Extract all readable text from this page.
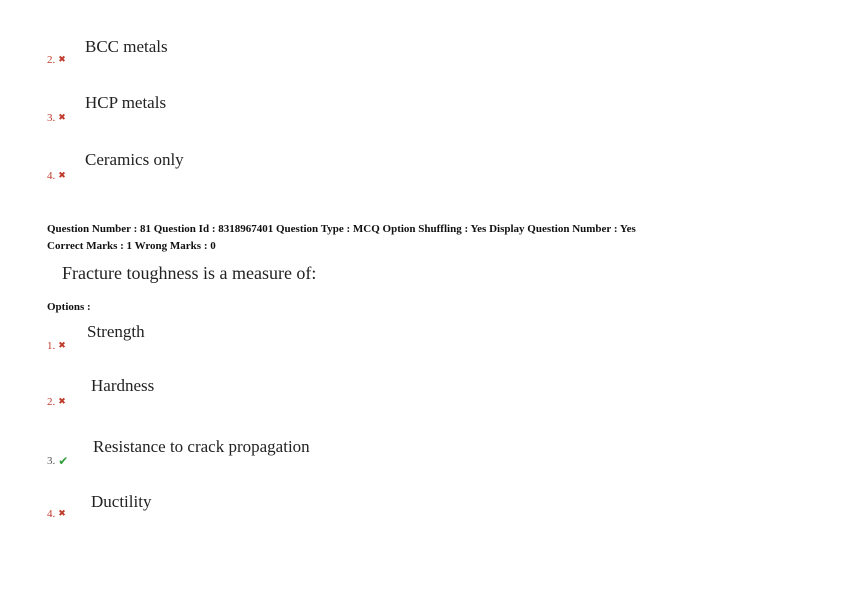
BCC metals
2. ✖
HCP metals
3. ✖
Ceramics only
4. ✖
Question Number : 81 Question Id : 8318967401 Question Type : MCQ Option Shuffling : Yes Display Question Number : Yes
Correct Marks : 1 Wrong Marks : 0
Fracture toughness is a measure of:
Options :
Strength
1. ✖
Hardness
2. ✖
Resistance to crack propagation
3. ✔
Ductility
4. ✖
